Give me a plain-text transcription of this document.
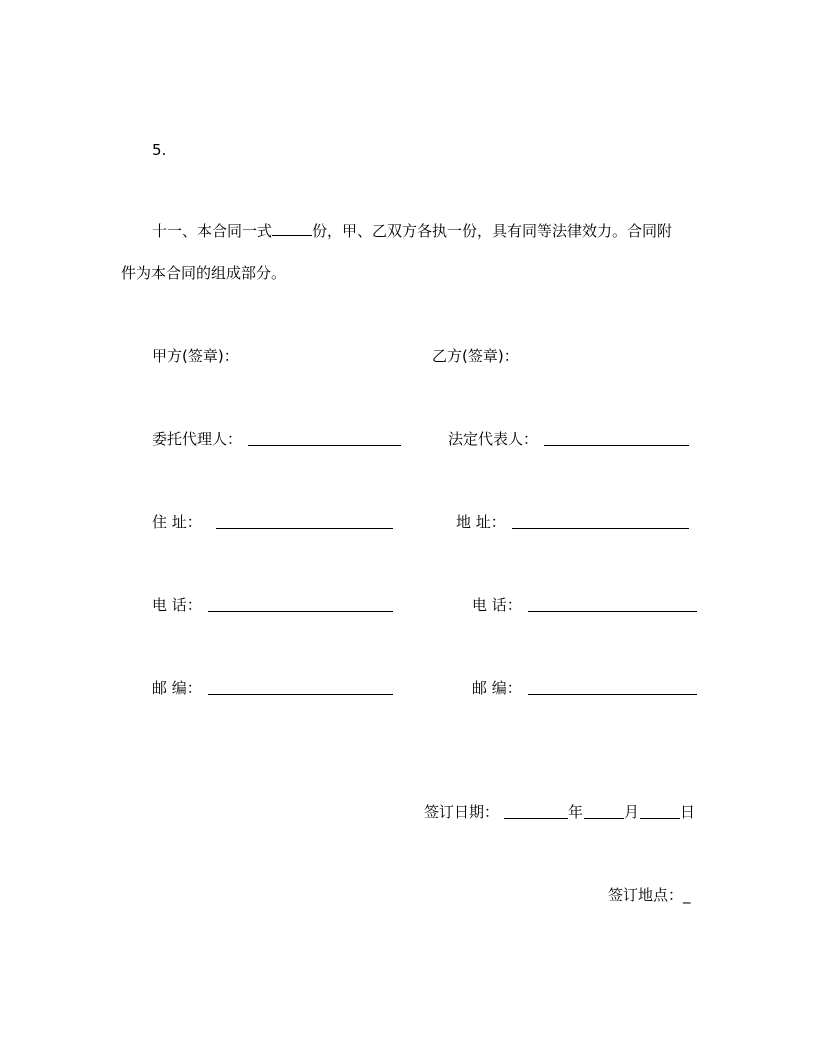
5.
十一、本合同一式	份，甲、乙双方各执一份，具有同等法律效力。合同附
件为本合同的组成部分。
甲方(签章)：	乙方(签章)：
委托代理人：	法定代表人：
住 址：	地 址：
电 话：	电 话：
邮 编：	邮 编：
签订日期：	年	月	日
签订地点：_
